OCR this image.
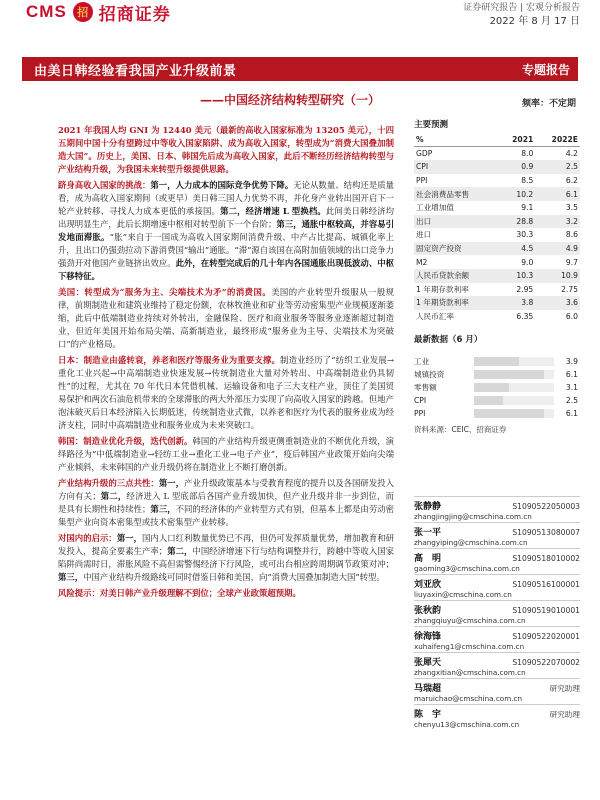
CMS 招 招商证券	证券研究报告 | 宏观分析报告
2022 年 8 月 17 日
由美日韩经验看我国产业升级前景	专题报告
——中国经济结构转型研究（一）	频率：不定期

2021 年我国人均 GNI 为 12440 美元（最新的高收入国家标准为 13205 美元），十四五期间中国十分有望跨过中等收入国家陷阱、成为高收入国家，转型成为“消费大国叠加制造大国”。历史上，美国、日本、韩国先后成为高收入国家，此后不断经历经济结构转型与产业结构升级，为我国未来转型升级提供思路。

跻身高收入国家的挑战：第一，人力成本的国际竞争优势下降。无论从数量、结构还是质量看，成为高收入国家期间（或更早）美日韩三国人力优势不再，并化身产业转出国开启下一轮产业转移、寻找人力成本更低的承接国。第二，经济增速 L 型换档。此间美日韩经济均出现明显生产，此后长期增速中枢相对转型前下一个台阶；第三，通胀中枢较高，并容易引发地面滞胀。“胀”来自于一国成为高收入国家期间消费升级、中产占比提高、城镇化率上升，且出口仍强劲拉动下游消费国“输出”通胀。“滞”源自该国在高附加值领域的出口竞争力强劲开对他国产业链挤出效应。此外，在转型完成后的几十年内各国通胀出现低波动、中枢下移特征。

美国：转型成为“服务为主、尖端技术为矛”的消费国。美国的产业转型升级服从一般规律，前期制造业和建筑业维持了稳定份额，农林牧渔业和矿业等劳动密集型产业规模逐渐萎缩，此后中低端制造业持续对外转出，金融保险、医疗和商业服务等服务业逐渐超过制造业，但近年美国开始布局尖端、高新制造业，最终形成“服务业为主导、尖端技术为突破口”的产业格局。

日本：制造业由盛转衰，养老和医疗等服务业为重要支撑。制造业经历了“纺织工业发展→重化工业兴起→中高端制造业快速发展→传统制造业大量对外转出、中高端制造业仍具韧性”的过程，尤其在 70 年代日本凭借机械、运输设备和电子三大支柱产业，顶住了美国贸易保护和两次石油危机带来的全球滞胀的两大外部压力实现了向高收入国家的跨越。但地产泡沫破灭后日本经济陷入长期低迷，传统制造业式微，以养老和医疗为代表的服务业成为经济支柱，同时中高端制造业和服务业成为未来突破口。

韩国：制造业优化升级，迭代创新。韩国的产业结构升级更侧重制造业的不断优化升级，演绎路径为“中低端制造业→轻纺工业→重化工业→电子产业”，疫后韩国产业政策开始向尖端产业倾斜，未来韩国的产业升级仍将在制造业上不断打磨创新。

产业结构升级的三点共性：第一，产业升级政策基本与受教育程度的提升以及各国研发投入方向有关；第二，经济进入 L 型底部后各国产业升级加快，但产业升级并非一步到位，而是具有长期性和持续性；第三，不同的经济体的产业转型方式有别，但基本上都是由劳动密集型产业向资本密集型或技术密集型产业转移。

对国内的启示：第一，国内人口红利数量优势已不再，但仍可发挥质量优势，增加教育和研发投入，提高全要素生产率；第二，中国经济增速下行与结构调整并行，跨越中等收入国家陷阱尚需时日，滞胀风险不高但需警惕经济下行风险，或可出台相应跨周期调节政策对冲；第三，中国产业结构升级路线可同时借鉴日韩和美国，向“消费大国叠加制造大国”转型。

风险提示：对美日韩产业升级理解不到位；全球产业政策超预期。

主要预测
%	2021	2022E
GDP	8.0	4.2
CPI	0.9	2.5
PPI	8.5	6.2
社会消费品零售	10.2	6.1
工业增加值	9.1	3.5
出口	28.8	3.2
进口	30.3	8.6
固定资产投资	4.5	4.9
M2	9.0	9.7
人民币贷款余额	10.3	10.9
1 年期存款利率	2.95	2.75
1 年期贷款利率	3.8	3.6
人民币汇率	6.35	6.0
最新数据（6 月）
工业	3.9
城镇投资	6.1
零售额	3.1
CPI	2.5
PPI	6.1
资料来源：CEIC、招商证券
张静静	S1090522050003
zhangjingjing@cmschina.com.cn
张一平	S1090513080007
zhangyiping@cmschina.com.cn
高　明	S1090518010002
gaoming3@cmschina.com.cn
刘亚欣	S1090516100001
liuyaxin@cmschina.com.cn
张秋韵	S1090519010001
zhangqiuyu@cmschina.com.cn
徐海锋	S1090522020001
xuhaifeng1@cmschina.com.cn
张犀天	S1090522070002
zhangxitian@cmschina.com.cn
马瑞超	研究助理
maruichao@cmschina.com.cn
陈　宇	研究助理
chenyu13@cmschina.com.cn
